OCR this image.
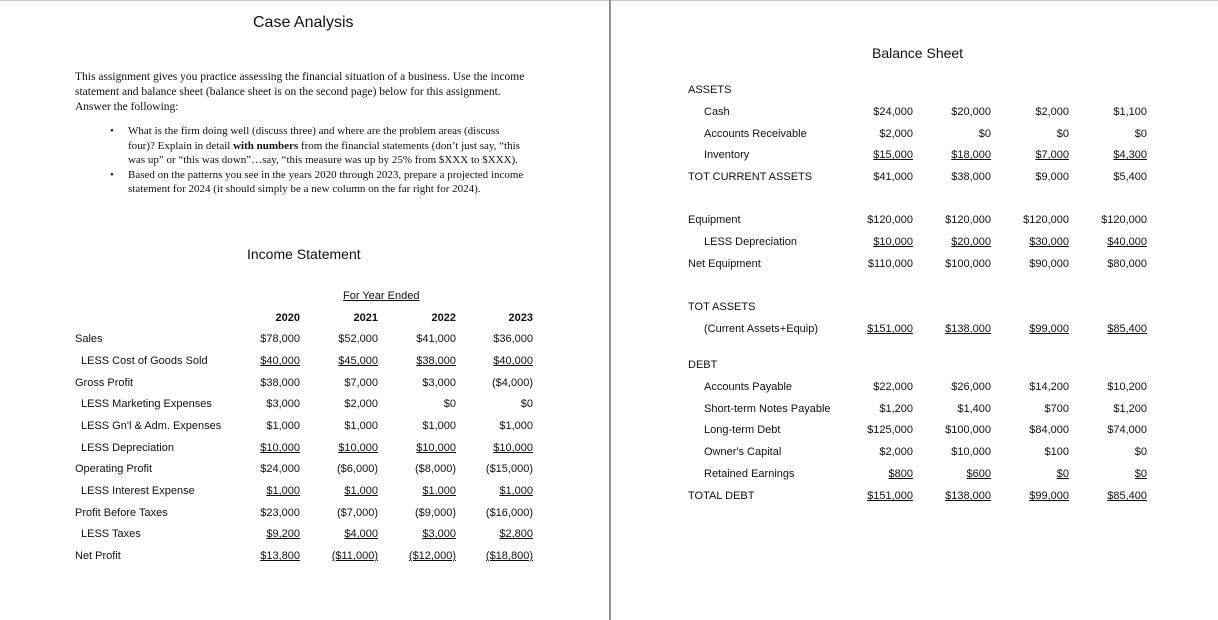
Case Analysis
This assignment gives you practice assessing the financial situation of a business. Use the income statement and balance sheet (balance sheet is on the second page) below for this assignment. Answer the following:
• What is the firm doing well (discuss three) and where are the problem areas (discuss four)? Explain in detail with numbers from the financial statements (don’t just say, “this was up” or “this was down”…say, “this measure was up by 25% from $XXX to $XXX).
• Based on the patterns you see in the years 2020 through 2023, prepare a projected income statement for 2024 (it should simply be a new column on the far right for 2024).
Income Statement
For Year Ended
2020	2021	2022	2023
Sales	$78,000	$52,000	$41,000	$36,000
LESS Cost of Goods Sold	$40,000	$45,000	$38,000	$40,000
Gross Profit	$38,000	$7,000	$3,000	($4,000)
LESS Marketing Expenses	$3,000	$2,000	$0	$0
LESS Gn'l & Adm. Expenses	$1,000	$1,000	$1,000	$1,000
LESS Depreciation	$10,000	$10,000	$10,000	$10,000
Operating Profit	$24,000	($6,000)	($8,000)	($15,000)
LESS Interest Expense	$1,000	$1,000	$1,000	$1,000
Profit Before Taxes	$23,000	($7,000)	($9,000)	($16,000)
LESS Taxes	$9,200	$4,000	$3,000	$2,800
Net Profit	$13,800	($11,000)	($12,000)	($18,800)
Balance Sheet
ASSETS
Cash	$24,000	$20,000	$2,000	$1,100
Accounts Receivable	$2,000	$0	$0	$0
Inventory	$15,000	$18,000	$7,000	$4,300
TOT CURRENT ASSETS	$41,000	$38,000	$9,000	$5,400
Equipment	$120,000	$120,000	$120,000	$120,000
LESS Depreciation	$10,000	$20,000	$30,000	$40,000
Net Equipment	$110,000	$100,000	$90,000	$80,000
TOT ASSETS
(Current Assets+Equip)	$151,000	$138,000	$99,000	$85,400
DEBT
Accounts Payable	$22,000	$26,000	$14,200	$10,200
Short-term Notes Payable	$1,200	$1,400	$700	$1,200
Long-term Debt	$125,000	$100,000	$84,000	$74,000
Owner's Capital	$2,000	$10,000	$100	$0
Retained Earnings	$800	$600	$0	$0
TOTAL DEBT	$151,000	$138,000	$99,000	$85,400
